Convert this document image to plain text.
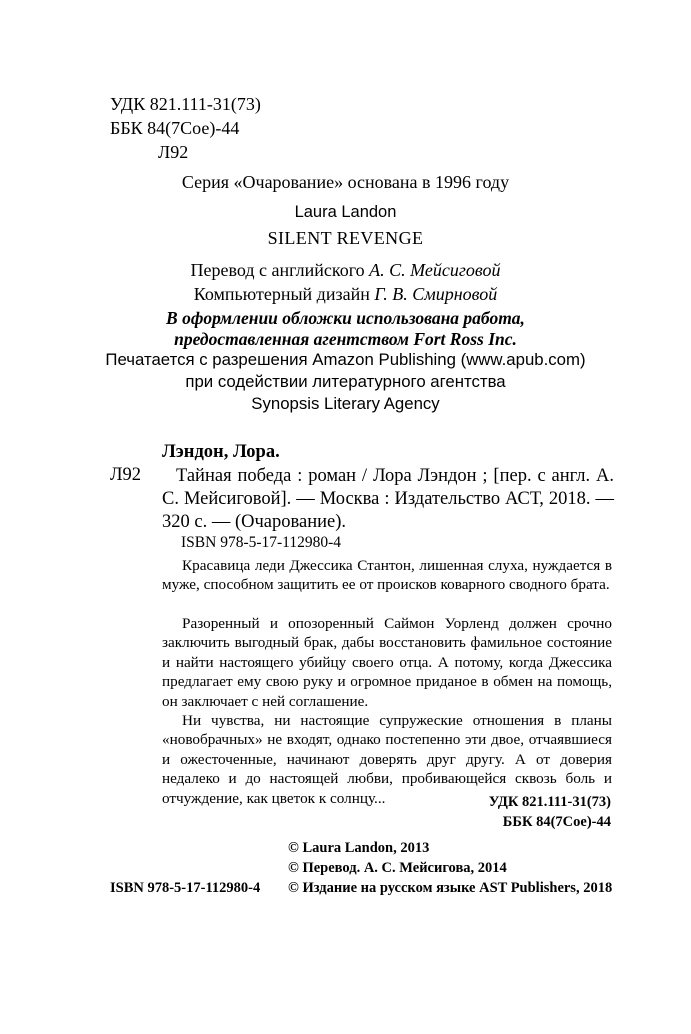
УДК 821.111-31(73)
ББК 84(7Сое)-44
Л92
Серия «Очарование» основана в 1996 году
Laura Landon
SILENT REVENGE
Перевод с английского А. С. Мейсиговой
Компьютерный дизайн Г. В. Смирновой
В оформлении обложки использована работа,
предоставленная агентством Fort Ross Inc.
Печатается с разрешения Amazon Publishing (www.apub.com)
при содействии литературного агентства
Synopsis Literary Agency
Лэндон, Лора.
Л92	Тайная победа : роман / Лора Лэндон ; [пер. с англ. А. С. Мейсиговой]. — Москва : Издательство АСТ, 2018. — 320 с. — (Очарование).
ISBN 978-5-17-112980-4
Красавица леди Джессика Стантон, лишенная слуха, нуждается в муже, способном защитить ее от происков коварного сводного брата.
Разоренный и опозоренный Саймон Уорленд должен срочно заключить выгодный брак, дабы восстановить фамильное состояние и найти настоящего убийцу своего отца. А потому, когда Джессика предлагает ему свою руку и огромное приданое в обмен на помощь, он заключает с ней соглашение.
Ни чувства, ни настоящие супружеские отношения в планы «новобрачных» не входят, однако постепенно эти двое, отчаявшиеся и ожесточенные, начинают доверять друг другу. А от доверия недалеко и до настоящей любви, пробивающейся сквозь боль и отчуждение, как цветок к солнцу...	УДК 821.111-31(73)
ББК 84(7Сое)-44
© Laura Landon, 2013
© Перевод. А. С. Мейсигова, 2014
© Издание на русском языке AST Publishers, 2018
ISBN 978-5-17-112980-4
